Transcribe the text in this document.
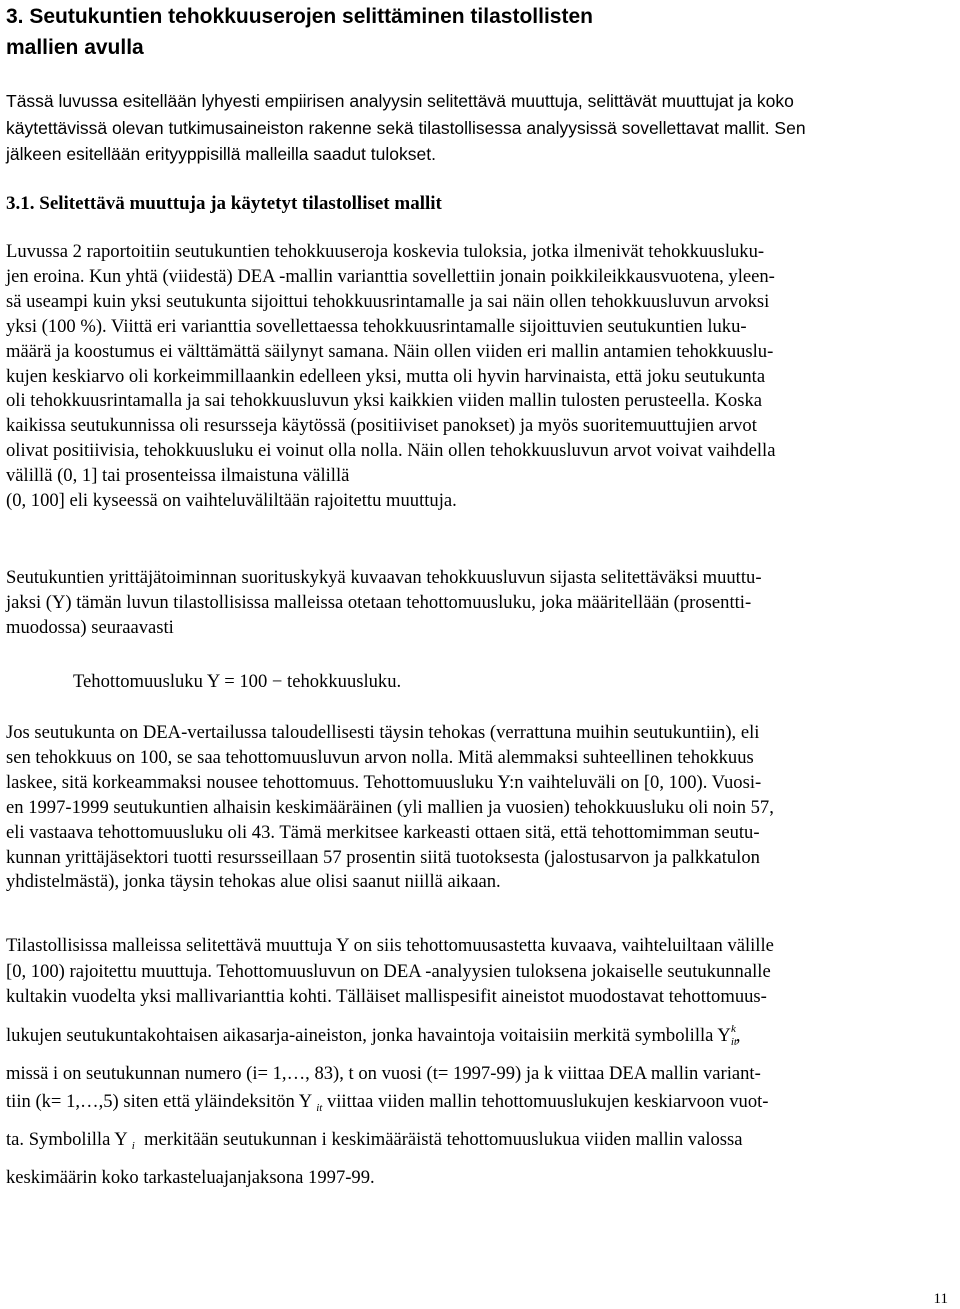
3. Seutukuntien tehokkuuserojen selittäminen tilastollisten
mallien avulla

Tässä luvussa esitellään lyhyesti empiirisen analyysin selitettävä muuttuja, selittävät muuttujat ja koko
käytettävissä olevan tutkimusaineiston rakenne sekä tilastollisessa analyysissä sovellettavat mallit. Sen
jälkeen esitellään erityyppisillä malleilla saadut tulokset.

3.1. Selitettävä muuttuja ja käytetyt tilastolliset mallit

Luvussa 2 raportoitiin seutukuntien tehokkuuseroja koskevia tuloksia, jotka ilmenivät tehokkuusluku-
jen eroina. Kun yhtä (viidestä) DEA -mallin varianttia sovellettiin jonain poikkileikkausvuotena, yleen-
sä useampi kuin yksi seutukunta sijoittui tehokkuusrintamalle ja sai näin ollen tehokkuusluvun arvoksi
yksi (100 %). Viittä eri varianttia sovellettaessa tehokkuusrintamalle sijoittuvien seutukuntien luku-
määrä ja koostumus ei välttämättä säilynyt samana. Näin ollen viiden eri mallin antamien tehokkuuslu-
kujen keskiarvo oli korkeimmillaankin edelleen yksi, mutta oli hyvin harvinaista, että joku seutukunta
oli tehokkuusrintamalla ja sai tehokkuusluvun yksi kaikkien viiden mallin tulosten perusteella. Koska
kaikissa seutukunnissa oli resursseja käytössä (positiiviset panokset) ja myös suoritemuuttujien arvot
olivat positiivisia, tehokkuusluku ei voinut olla nolla. Näin ollen tehokkuusluvun arvot voivat vaihdella
välillä (0, 1] tai prosenteissa ilmaistuna välillä
(0, 100] eli kyseessä on vaihteluväliltään rajoitettu muuttuja.

Seutukuntien yrittäjätoiminnan suorituskykyä kuvaavan tehokkuusluvun sijasta selitettäväksi muuttu-
jaksi (Y) tämän luvun tilastollisissa malleissa otetaan tehottomuusluku, joka määritellään (prosentti-
muodossa) seuraavasti

Tehottomuusluku Y = 100 − tehokkuusluku.

Jos seutukunta on DEA-vertailussa taloudellisesti täysin tehokas (verrattuna muihin seutukuntiin), eli
sen tehokkuus on 100, se saa tehottomuusluvun arvon nolla. Mitä alemmaksi suhteellinen tehokkuus
laskee, sitä korkeammaksi nousee tehottomuus. Tehottomuusluku Y:n vaihteluväli on [0, 100). Vuosi-
en 1997-1999 seutukuntien alhaisin keskimääräinen (yli mallien ja vuosien) tehokkuusluku oli noin 57,
eli vastaava tehottomuusluku oli 43. Tämä merkitsee karkeasti ottaen sitä, että tehottomimman seutu-
kunnan yrittäjäsektori tuotti resursseillaan 57 prosentin siitä tuotoksesta (jalostusarvon ja palkkatulon
yhdistelmästä), jonka täysin tehokas alue olisi saanut niillä aikaan.

Tilastollisissa malleissa selitettävä muuttuja Y on siis tehottomuusastetta kuvaava, vaihteluiltaan välille
[0, 100) rajoitettu muuttuja. Tehottomuusluvun on DEA -analyysien tuloksena jokaiselle seutukunnalle
kultakin vuodelta yksi mallivarianttia kohti. Tälläiset mallispesifit aineistot muodostavat tehottomuus-
lukujen seutukuntakohtaisen aikasarja-aineiston, jonka havaintoja voitaisiin merkitä symbolilla $Y_{it}^k$,
missä i on seutukunnan numero (i= 1,…, 83), t on vuosi (t= 1997-99) ja k viittaa DEA mallin variant-
tiin (k= 1,…,5) siten että yläindeksitön Y $_{it}$ viittaa viiden mallin tehottomuuslukujen keskiarvoon vuot-
ta. Symbolilla Y $_i$ merkitään seutukunnan i keskimääräistä tehottomuuslukua viiden mallin valossa
keskimäärin koko tarkasteluajanjaksona 1997-99.

11
